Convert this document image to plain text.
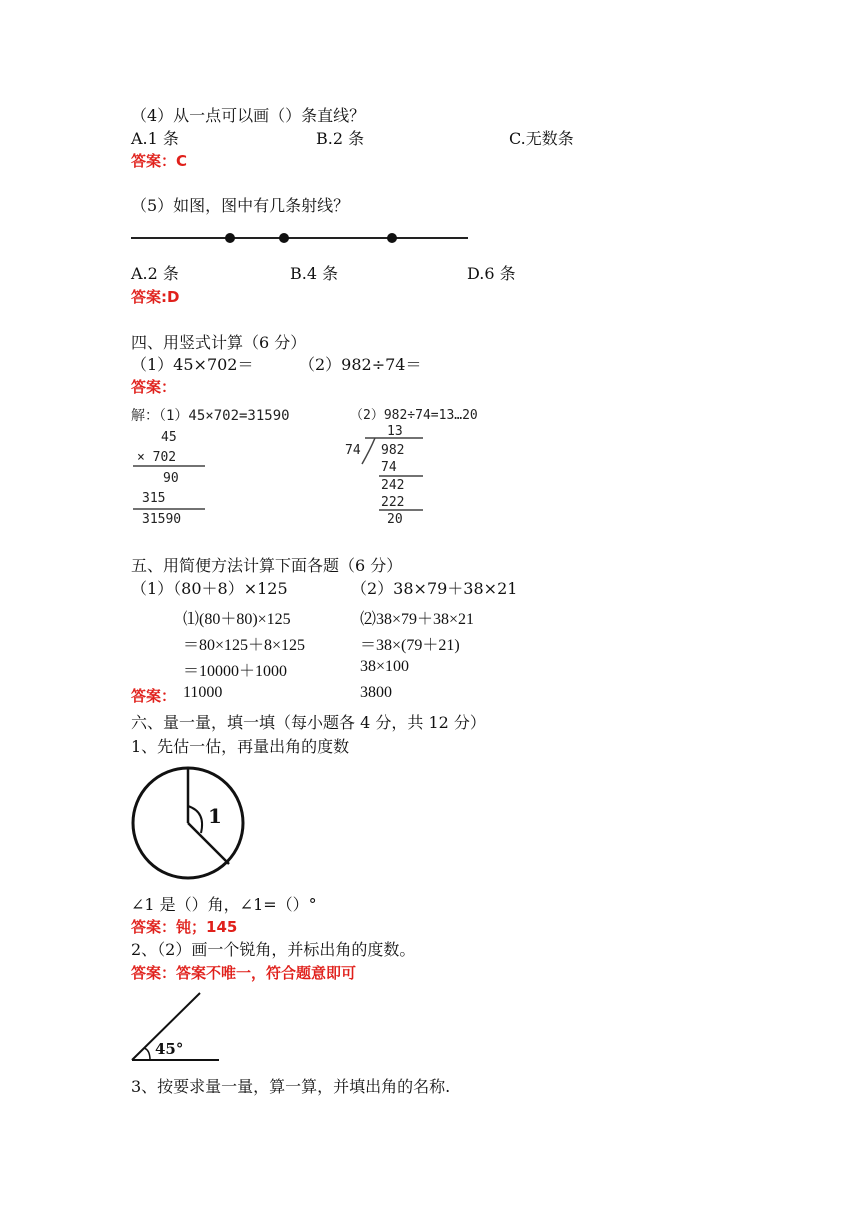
（4）从一点可以画（）条直线？
A.1 条	B.2 条	C.无数条
答案：C
（5）如图，图中有几条射线？
A.2 条	B.4 条	D.6 条
答案:D
四、用竖式计算（6 分）
（1）45×702＝	（2）982÷74＝
答案：
解：（1）45×702=31590
45
× 702
90
315
31590
（2）982÷74=13…20
13
74 982
74
242
222
20
五、用简便方法计算下面各题（6 分）
（1）（80＋8）×125	（2）38×79＋38×21
⑴(80＋80)×125
＝80×125＋8×125
＝10000＋1000
11000
⑵38×79＋38×21
＝38×(79＋21)
38×100
3800
答案：
六、量一量，填一填（每小题各 4 分，共 12 分）
1、先估一估，再量出角的度数
1
∠1 是（）角，∠1=（）°
答案：钝；145
2、（2）画一个锐角，并标出角的度数。
答案：答案不唯一，符合题意即可
45°
3、按要求量一量，算一算，并填出角的名称.
